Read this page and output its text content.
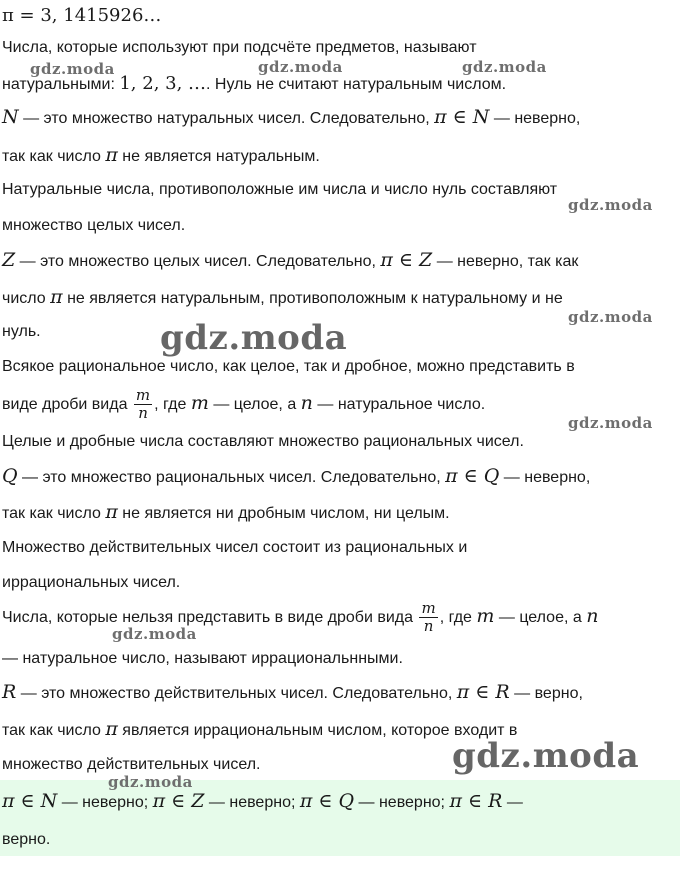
π = 3, 1415926…
Числа, которые используют при подсчёте предметов, называют
натуральными: 1, 2, 3, …. Нуль не считают натуральным числом.
N — это множество натуральных чисел. Следовательно, π ∈ N — неверно,
так как число π не является натуральным.
Натуральные числа, противоположные им числа и число нуль составляют
множество целых чисел.
Z — это множество целых чисел. Следовательно, π ∈ Z — неверно, так как
число π не является натуральным, противоположным к натуральному и не
нуль.
Всякое рациональное число, как целое, так и дробное, можно представить в
виде дроби вида $\frac{m}{n}$ , где m — целое, а n — натуральное число.
Целые и дробные числа составляют множество рациональных чисел.
Q — это множество рациональных чисел. Следовательно, π ∈ Q — неверно,
так как число π не является ни дробным числом, ни целым.
Множество действительных чисел состоит из рациональных и
иррациональных чисел.
Числа, которые нельзя представить в виде дроби вида $\frac{m}{n}$ , где m — целое, а n
— натуральное число, называют иррациональнными.
R — это множество действительных чисел. Следовательно, π ∈ R — верно,
так как число π является иррациональным числом, которое входит в
множество действительных чисел.
π ∈ N — неверно; π ∈ Z — неверно; π ∈ Q — неверно; π ∈ R —
верно.
gdz.moda	gdz.moda	gdz.moda
gdz.moda
gdz.moda
gdz.moda
gdz.moda
gdz.moda
gdz.moda
gdz.moda
